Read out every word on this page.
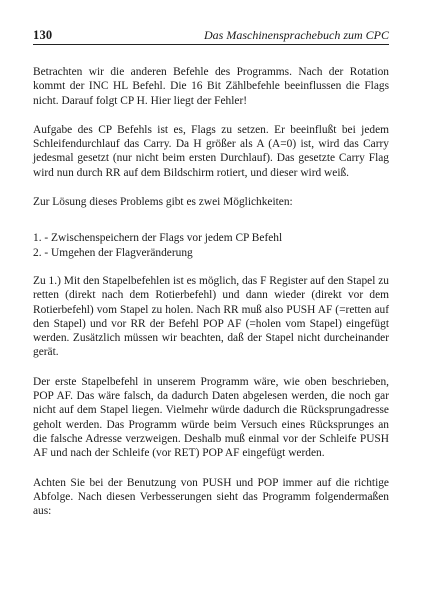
130	Das Maschinensprachebuch zum CPC

Betrachten wir die anderen Befehle des Programms. Nach der Rotation kommt der INC HL Befehl. Die 16 Bit Zählbefehle beeinflussen die Flags nicht. Darauf folgt CP H. Hier liegt der Fehler!

Aufgabe des CP Befehls ist es, Flags zu setzen. Er beeinflußt bei jedem Schleifendurchlauf das Carry. Da H größer als A (A=0) ist, wird das Carry jedesmal gesetzt (nur nicht beim ersten Durchlauf). Das gesetzte Carry Flag wird nun durch RR auf dem Bildschirm rotiert, und dieser wird weiß.

Zur Lösung dieses Problems gibt es zwei Möglichkeiten:

1. - Zwischenspeichern der Flags vor jedem CP Befehl
2. - Umgehen der Flagveränderung

Zu 1.) Mit den Stapelbefehlen ist es möglich, das F Register auf den Stapel zu retten (direkt nach dem Rotierbefehl) und dann wieder (direkt vor dem Rotierbefehl) vom Stapel zu holen. Nach RR muß also PUSH AF (=retten auf den Stapel) und vor RR der Befehl POP AF (=holen vom Stapel) eingefügt werden. Zusätzlich müssen wir beachten, daß der Stapel nicht durcheinander gerät.

Der erste Stapelbefehl in unserem Programm wäre, wie oben beschrieben, POP AF. Das wäre falsch, da dadurch Daten abgelesen werden, die noch gar nicht auf dem Stapel liegen. Vielmehr würde dadurch die Rücksprungadresse geholt werden. Das Programm würde beim Versuch eines Rücksprunges an die falsche Adresse verzweigen. Deshalb muß einmal vor der Schleife PUSH AF und nach der Schleife (vor RET) POP AF eingefügt werden.

Achten Sie bei der Benutzung von PUSH und POP immer auf die richtige Abfolge. Nach diesen Verbesserungen sieht das Programm folgendermaßen aus:
